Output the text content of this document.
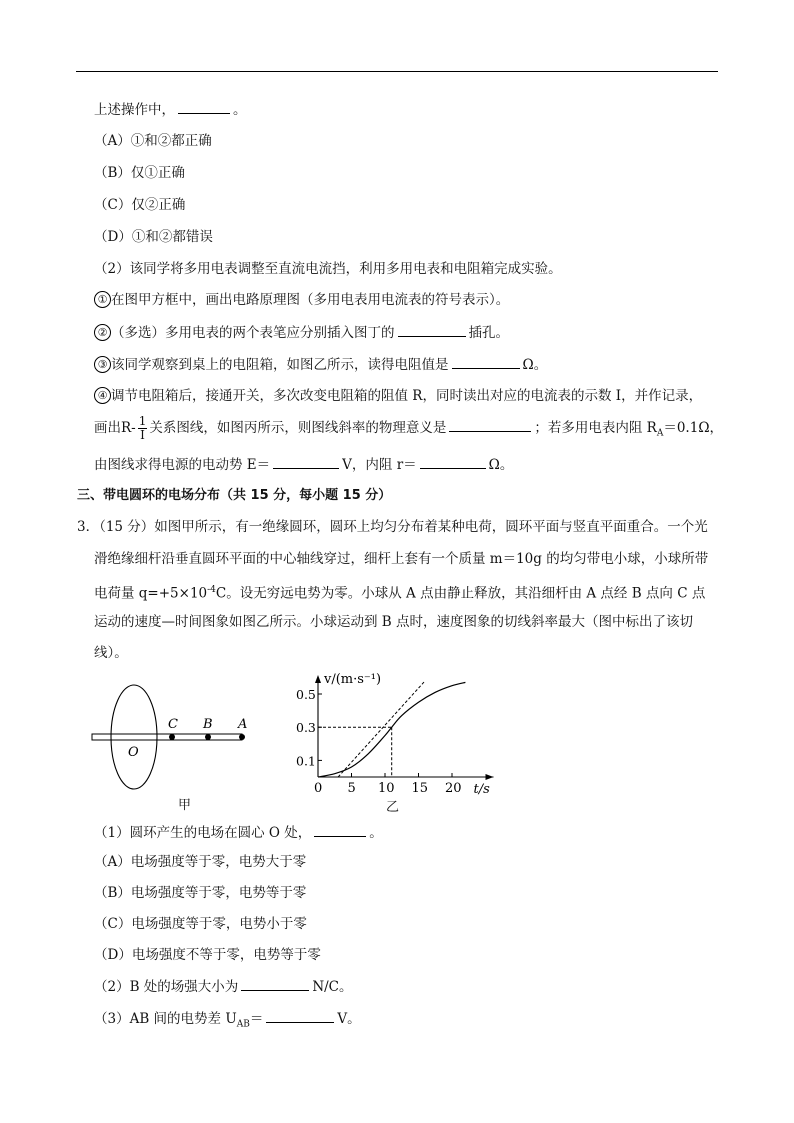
上述操作中，	。
（A）①和②都正确
（B）仅①正确
（C）仅②正确
（D）①和②都错误
（2）该同学将多用电表调整至直流电流挡，利用多用电表和电阻箱完成实验。
① 在图甲方框中，画出电路原理图（多用电表用电流表的符号表示）。
② （多选）多用电表的两个表笔应分别插入图丁的	插孔。
③ 该同学观察到桌上的电阻箱，如图乙所示，读得电阻值是	Ω。
④ 调节电阻箱后，接通开关，多次改变电阻箱的阻值 R，同时读出对应的电流表的示数 I，并作记录，
画出$R- \frac{1}{I}$ 关系图线，如图丙所示，则图线斜率的物理意义是	；若多用电表内阻 $R_A=0.1\Omega$，
由图线求得电源的电动势 E＝	V，内阻 r＝	Ω。
三、带电圆环的电场分布（共 15 分，每小题 15 分）
3．（15 分）如图甲所示，有一绝缘圆环，圆环上均匀分布着某种电荷，圆环平面与竖直平面重合。一个光
滑绝缘细杆沿垂直圆环平面的中心轴线穿过，细杆上套有一个质量 m＝10g 的均匀带电小球，小球所带
电荷量 $q=+5\times 10^{-4}C$。设无穷远电势为零。小球从 A 点由静止释放，其沿细杆由 A 点经 B 点向 C 点
运动的速度—时间图象如图乙所示。小球运动到 B 点时，速度图象的切线斜率最大（图中标出了该切
线）。
C B A
O
甲
0 5 10 15 20
0.1
0.3
0.5
v/(m·s⁻¹)
t/s
乙
（1）圆环产生的电场在圆心 O 处，	。
（A）电场强度等于零，电势大于零
（B）电场强度等于零，电势等于零
（C）电场强度等于零，电势小于零
（D）电场强度不等于零，电势等于零
（2）B 处的场强大小为	N/C。
（3）AB 间的电势差 $U_{AB}=$	V。
